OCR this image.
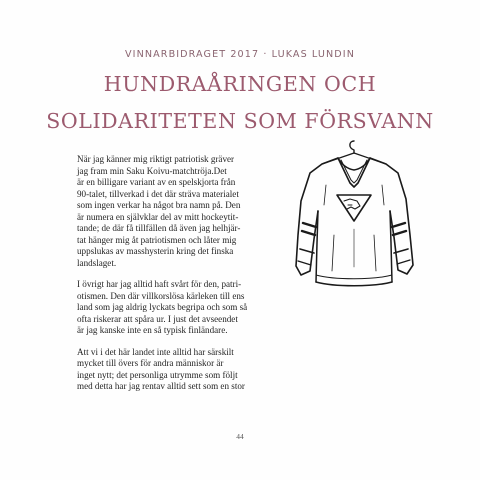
VINNARBIDRAGET 2017 · LUKAS LUNDIN
HUNDRAÅRINGEN OCH
SOLIDARITETEN SOM FÖRSVANN

När jag känner mig riktigt patriotisk gräver
jag fram min Saku Koivu-matchtröja.Det
är en billigare variant av en spelskjorta från
90-talet, tillverkad i det där sträva materialet
som ingen verkar ha något bra namn på. Den
är numera en självklar del av mitt hockeytit-
tande; de där få tillfällen då även jag helhjär-
tat hänger mig åt patriotismen och låter mig
uppslukas av masshysterin kring det finska
landslaget.

I övrigt har jag alltid haft svårt för den, patri-
otismen. Den där villkorslösa kärleken till ens
land som jag aldrig lyckats begripa och som så
ofta riskerar att spåra ur. I just det avseendet
är jag kanske inte en så typisk finländare.

Att vi i det här landet inte alltid har särskilt
mycket till övers för andra människor är
inget nytt; det personliga utrymme som följt
med detta har jag rentav alltid sett som en stor

44
